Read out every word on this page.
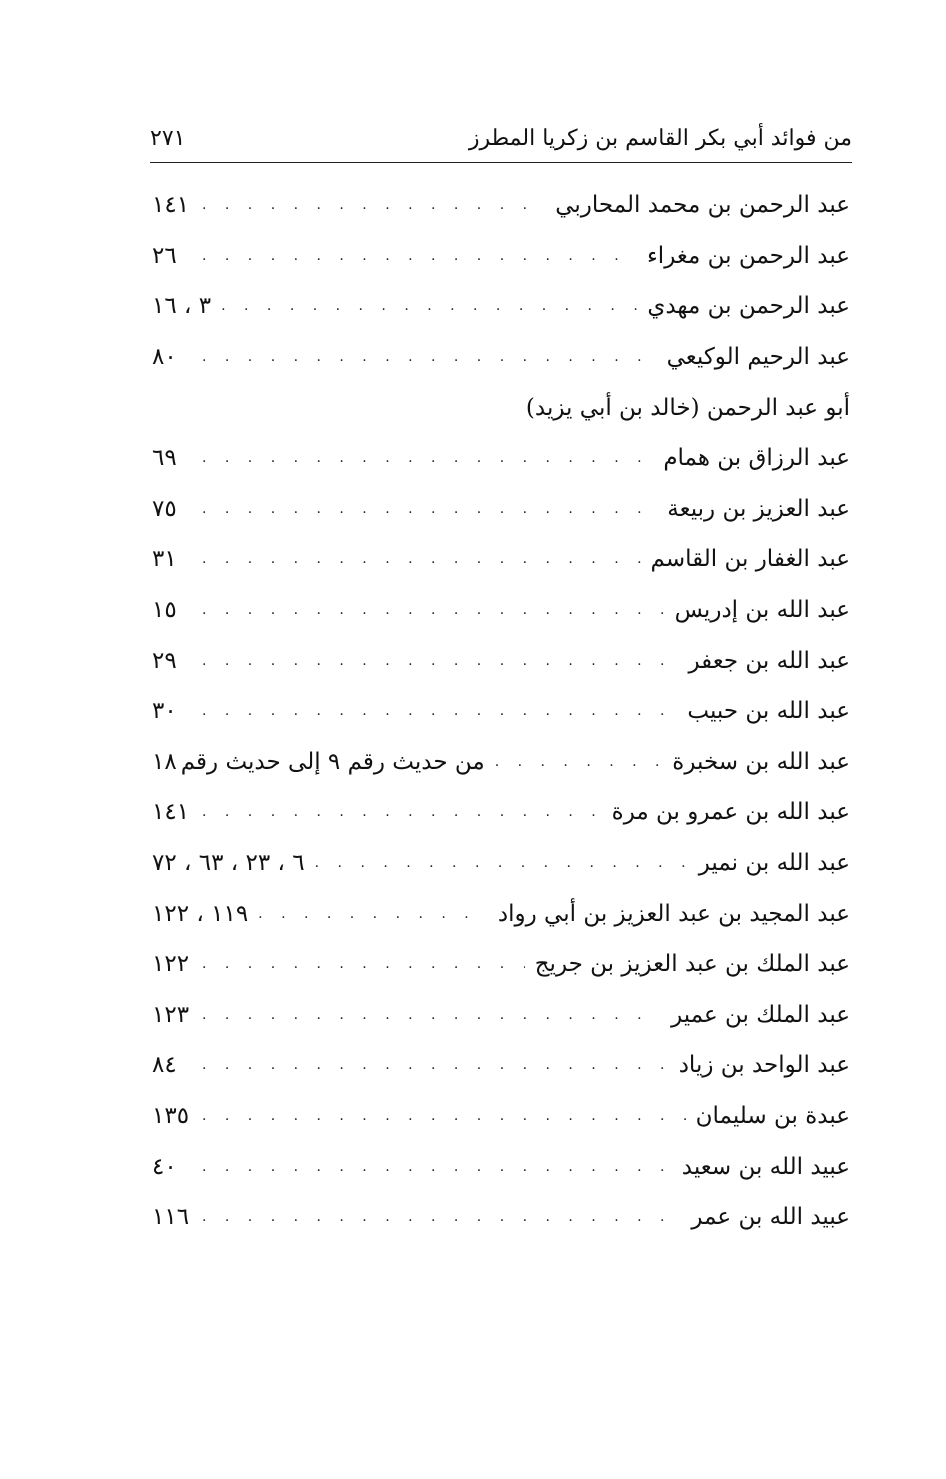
من فوائد أبي بكر القاسم بن زكريا المطرز
٢٧١
عبد الرحمن بن محمد المحاربي
. . .
١٤١
عبد الرحمن بن مغراء
. . .
٢٦
عبد الرحمن بن مهدي
. . .
٣ ، ١٦
عبد الرحيم الوكيعي
. . .
٨٠
أبو عبد الرحمن (خالد بن أبي يزيد)
عبد الرزاق بن همام
. . .
٦٩
عبد العزيز بن ربيعة
. . .
٧٥
عبد الغفار بن القاسم
. . .
٣١
عبد الله بن إدريس
. . .
١٥
عبد الله بن جعفر
. . .
٢٩
عبد الله بن حبيب
. . .
٣٠
عبد الله بن سخبرة
. . .
من حديث رقم ٩ إلى حديث رقم
١٨
عبد الله بن عمرو بن مرة
. . .
١٤١
عبد الله بن نمير
. . .
٦ ، ٢٣ ، ٦٣ ، ٧٢
عبد المجيد بن عبد العزيز بن أبي رواد
. . .
١١٩ ، ١٢٢
عبد الملك بن عبد العزيز بن جريج
. . .
١٢٢
عبد الملك بن عمير
. . .
١٢٣
عبد الواحد بن زياد
. . .
٨٤
عبدة بن سليمان
. . .
١٣٥
عبيد الله بن سعيد
. . .
٤٠
عبيد الله بن عمر
. . .
١١٦
